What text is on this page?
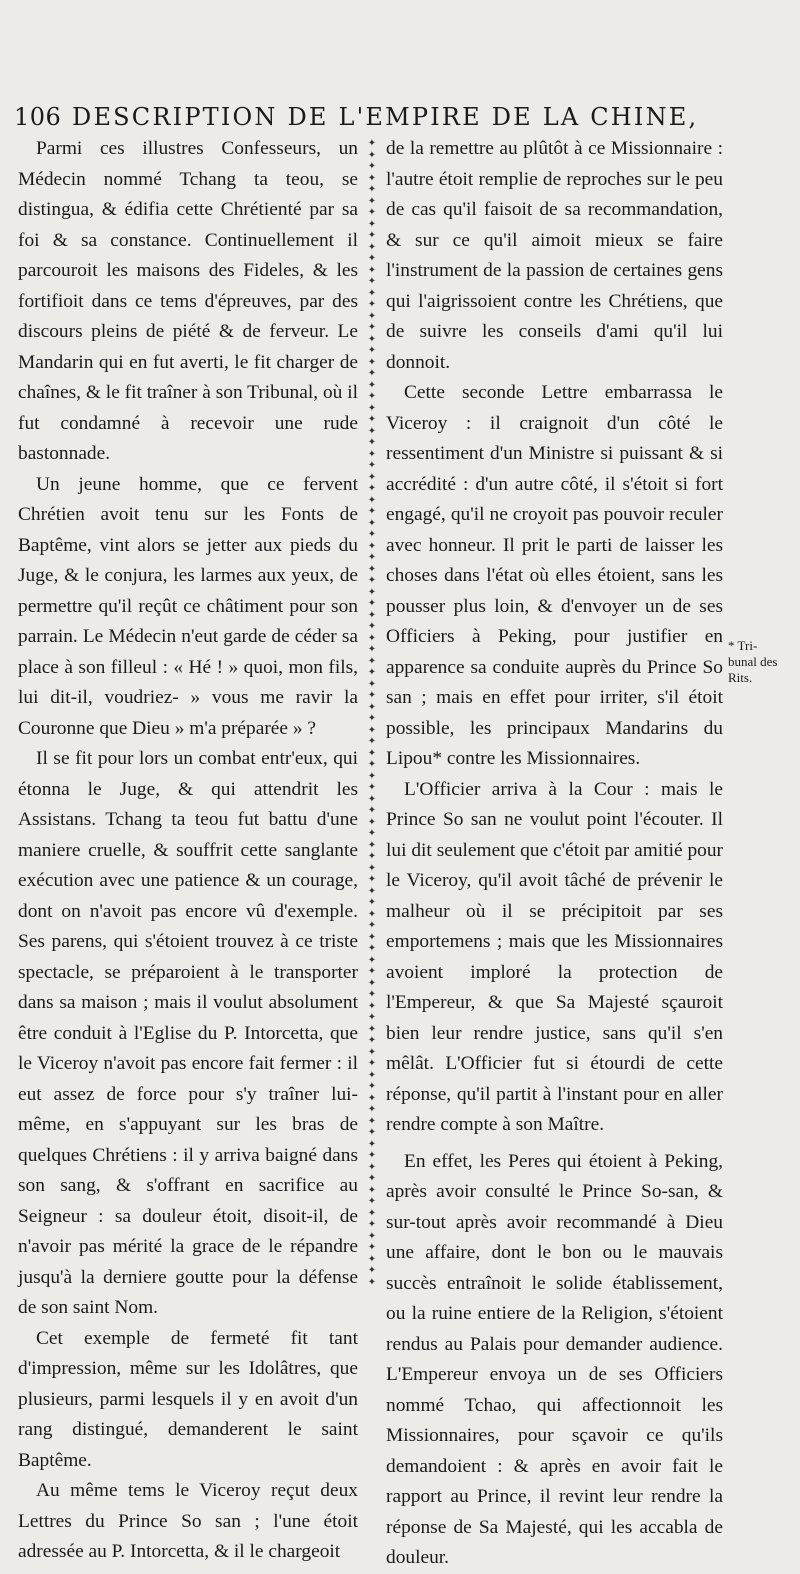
106 DESCRIPTION DE L'EMPIRE DE LA CHINE,

Parmi ces illustres Confesseurs, un Médecin nommé Tchang ta teou, se distingua, & édifia cette Chrétienté par sa foi & sa constance. Continuellement il parcouroit les maisons des Fideles, & les fortifioit dans ce tems d'épreuves, par des discours pleins de piété & de ferveur. Le Mandarin qui en fut averti, le fit charger de chaînes, & le fit traîner à son Tribunal, où il fut condamné à recevoir une rude bastonnade.

Un jeune homme, que ce fervent Chrétien avoit tenu sur les Fonts de Baptême, vint alors se jetter aux pieds du Juge, & le conjura, les larmes aux yeux, de permettre qu'il reçût ce châtiment pour son parrain. Le Médecin n'eut garde de céder sa place à son filleul : « Hé ! » quoi, mon fils, lui dit-il, voudriez- » vous me ravir la Couronne que Dieu » m'a préparée » ?

Il se fit pour lors un combat entr'eux, qui étonna le Juge, & qui attendrit les Assistans. Tchang ta teou fut battu d'une maniere cruelle, & souffrit cette sanglante exécution avec une patience & un courage, dont on n'avoit pas encore vû d'exemple. Ses parens, qui s'étoient trouvez à ce triste spectacle, se préparoient à le transporter dans sa maison ; mais il voulut absolument être conduit à l'Eglise du P. Intorcetta, que le Viceroy n'avoit pas encore fait fermer : il eut assez de force pour s'y traîner lui-même, en s'appuyant sur les bras de quelques Chrétiens : il y arriva baigné dans son sang, & s'offrant en sacrifice au Seigneur : sa douleur étoit, disoit-il, de n'avoir pas mérité la grace de le répandre jusqu'à la derniere goutte pour la défense de son saint Nom.

Cet exemple de fermeté fit tant d'impression, même sur les Idolâtres, que plusieurs, parmi lesquels il y en avoit d'un rang distingué, demanderent le saint Baptême.

Au même tems le Viceroy reçut deux Lettres du Prince So san ; l'une étoit adressée au P. Intorcetta, & il le chargeoit

✦
✦
✦
✦
✦
✦
✦
✦
✦
✦
✦
✦
✦
✦
✦
✦
✦
✦
✦
✦
✦
✦
✦
✦
✦
✦
✦
✦
✦
✦
✦
✦
✦
✦
✦
✦
✦
✦
✦
✦
✦
✦
✦
✦
✦
✦
✦
✦
✦
✦
✦
✦
✦
✦
✦
✦
✦
✦
✦
✦
✦
✦
✦
✦
✦
✦
✦
✦
✦
✦
✦
✦
✦
✦
✦
✦
✦
✦
✦
✦
✦
✦
✦
✦
✦
✦
✦
✦
✦
✦
✦
✦
✦
✦
✦
✦
✦
✦
✦
✦

de la remettre au plûtôt à ce Missionnaire : l'autre étoit remplie de reproches sur le peu de cas qu'il faisoit de sa recommandation, & sur ce qu'il aimoit mieux se faire l'instrument de la passion de certaines gens qui l'aigrissoient contre les Chrétiens, que de suivre les conseils d'ami qu'il lui donnoit.

Cette seconde Lettre embarrassa le Viceroy : il craignoit d'un côté le ressentiment d'un Ministre si puissant & si accrédité : d'un autre côté, il s'étoit si fort engagé, qu'il ne croyoit pas pouvoir reculer avec honneur. Il prit le parti de laisser les choses dans l'état où elles étoient, sans les pousser plus loin, & d'envoyer un de ses Officiers à Peking, pour justifier en apparence sa conduite auprès du Prince So san ; mais en effet pour irriter, s'il étoit possible, les principaux Mandarins du Lipou* contre les Missionnaires.

L'Officier arriva à la Cour : mais le Prince So san ne voulut point l'écouter. Il lui dit seulement que c'étoit par amitié pour le Viceroy, qu'il avoit tâché de prévenir le malheur où il se précipitoit par ses emportemens ; mais que les Missionnaires avoient imploré la protection de l'Empereur, & que Sa Majesté sçauroit bien leur rendre justice, sans qu'il s'en mêlât. L'Officier fut si étourdi de cette réponse, qu'il partit à l'instant pour en aller rendre compte à son Maître.

En effet, les Peres qui étoient à Peking, après avoir consulté le Prince So-san, & sur-tout après avoir recommandé à Dieu une affaire, dont le bon ou le mauvais succès entraînoit le solide établissement, ou la ruine entiere de la Religion, s'étoient rendus au Palais pour demander audience. L'Empereur envoya un de ses Officiers nommé Tchao, qui affectionnoit les Missionnaires, pour sçavoir ce qu'ils demandoient : & après en avoir fait le rapport au Prince, il revint leur rendre la réponse de Sa Majesté, qui les accabla de douleur.

* Tri-
bunal des
Rits.
